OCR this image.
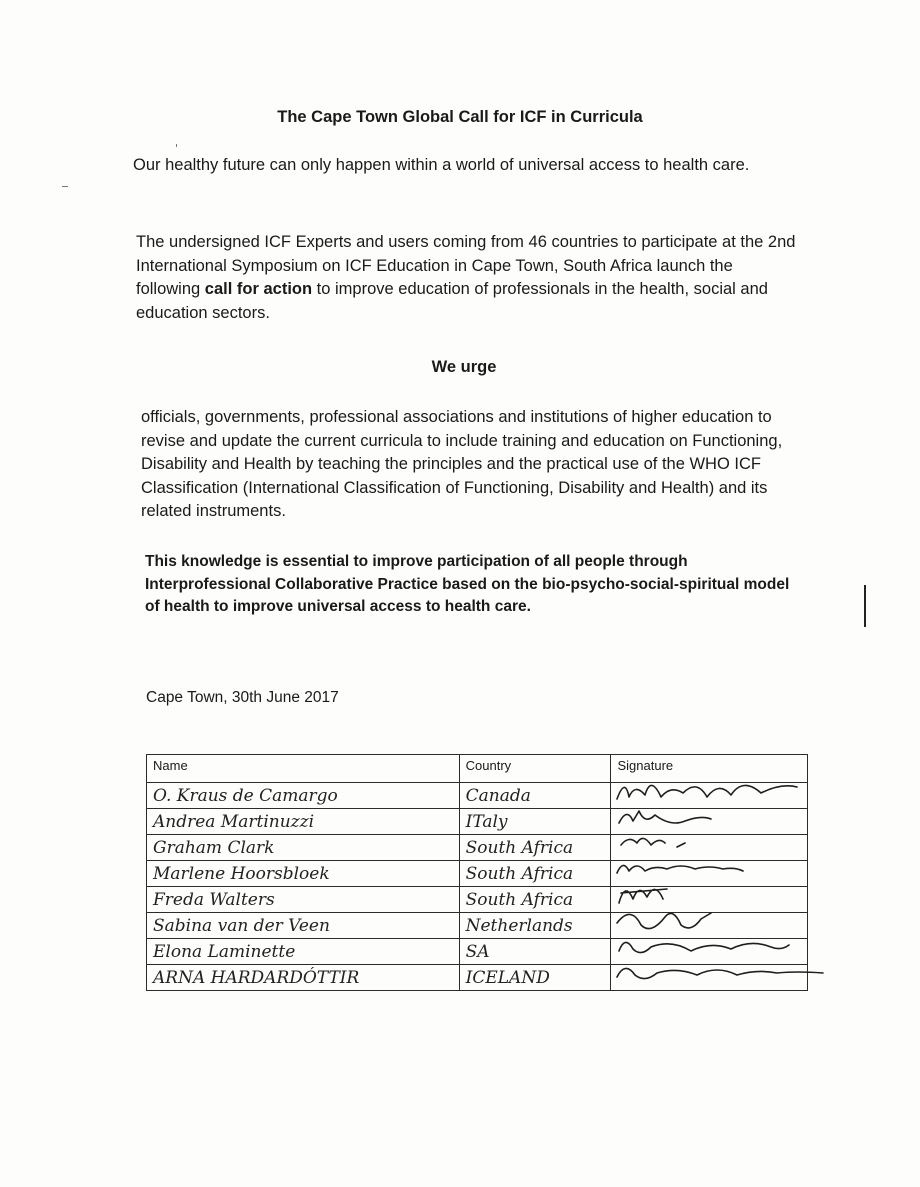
The Cape Town Global Call for ICF in Curricula

Our healthy future can only happen within a world of universal access to health care.

The undersigned ICF Experts and users coming from 46 countries to participate at the 2nd International Symposium on ICF Education in Cape Town, South Africa launch the following call for action to improve education of professionals in the health, social and education sectors.

We urge

officials, governments, professional associations and institutions of higher education to revise and update the current curricula to include training and education on Functioning, Disability and Health by teaching the principles and the practical use of the WHO ICF Classification (International Classification of Functioning, Disability and Health) and its related instruments.

This knowledge is essential to improve participation of all people through Interprofessional Collaborative Practice based on the bio-psycho-social-spiritual model of health to improve universal access to health care.

Cape Town, 30th June 2017
Name	Country	Signature
O. Kraus de Camargo	Canada	

Andrea Martinuzzi	ITaly	

Graham Clark	South Africa	

Marlene Hoorsbloek	South Africa	

Freda Walters	South Africa	

Sabina van der Veen	Netherlands	

Elona Laminette	SA	

ARNA HARDARDÓTTIR	ICELAND	
